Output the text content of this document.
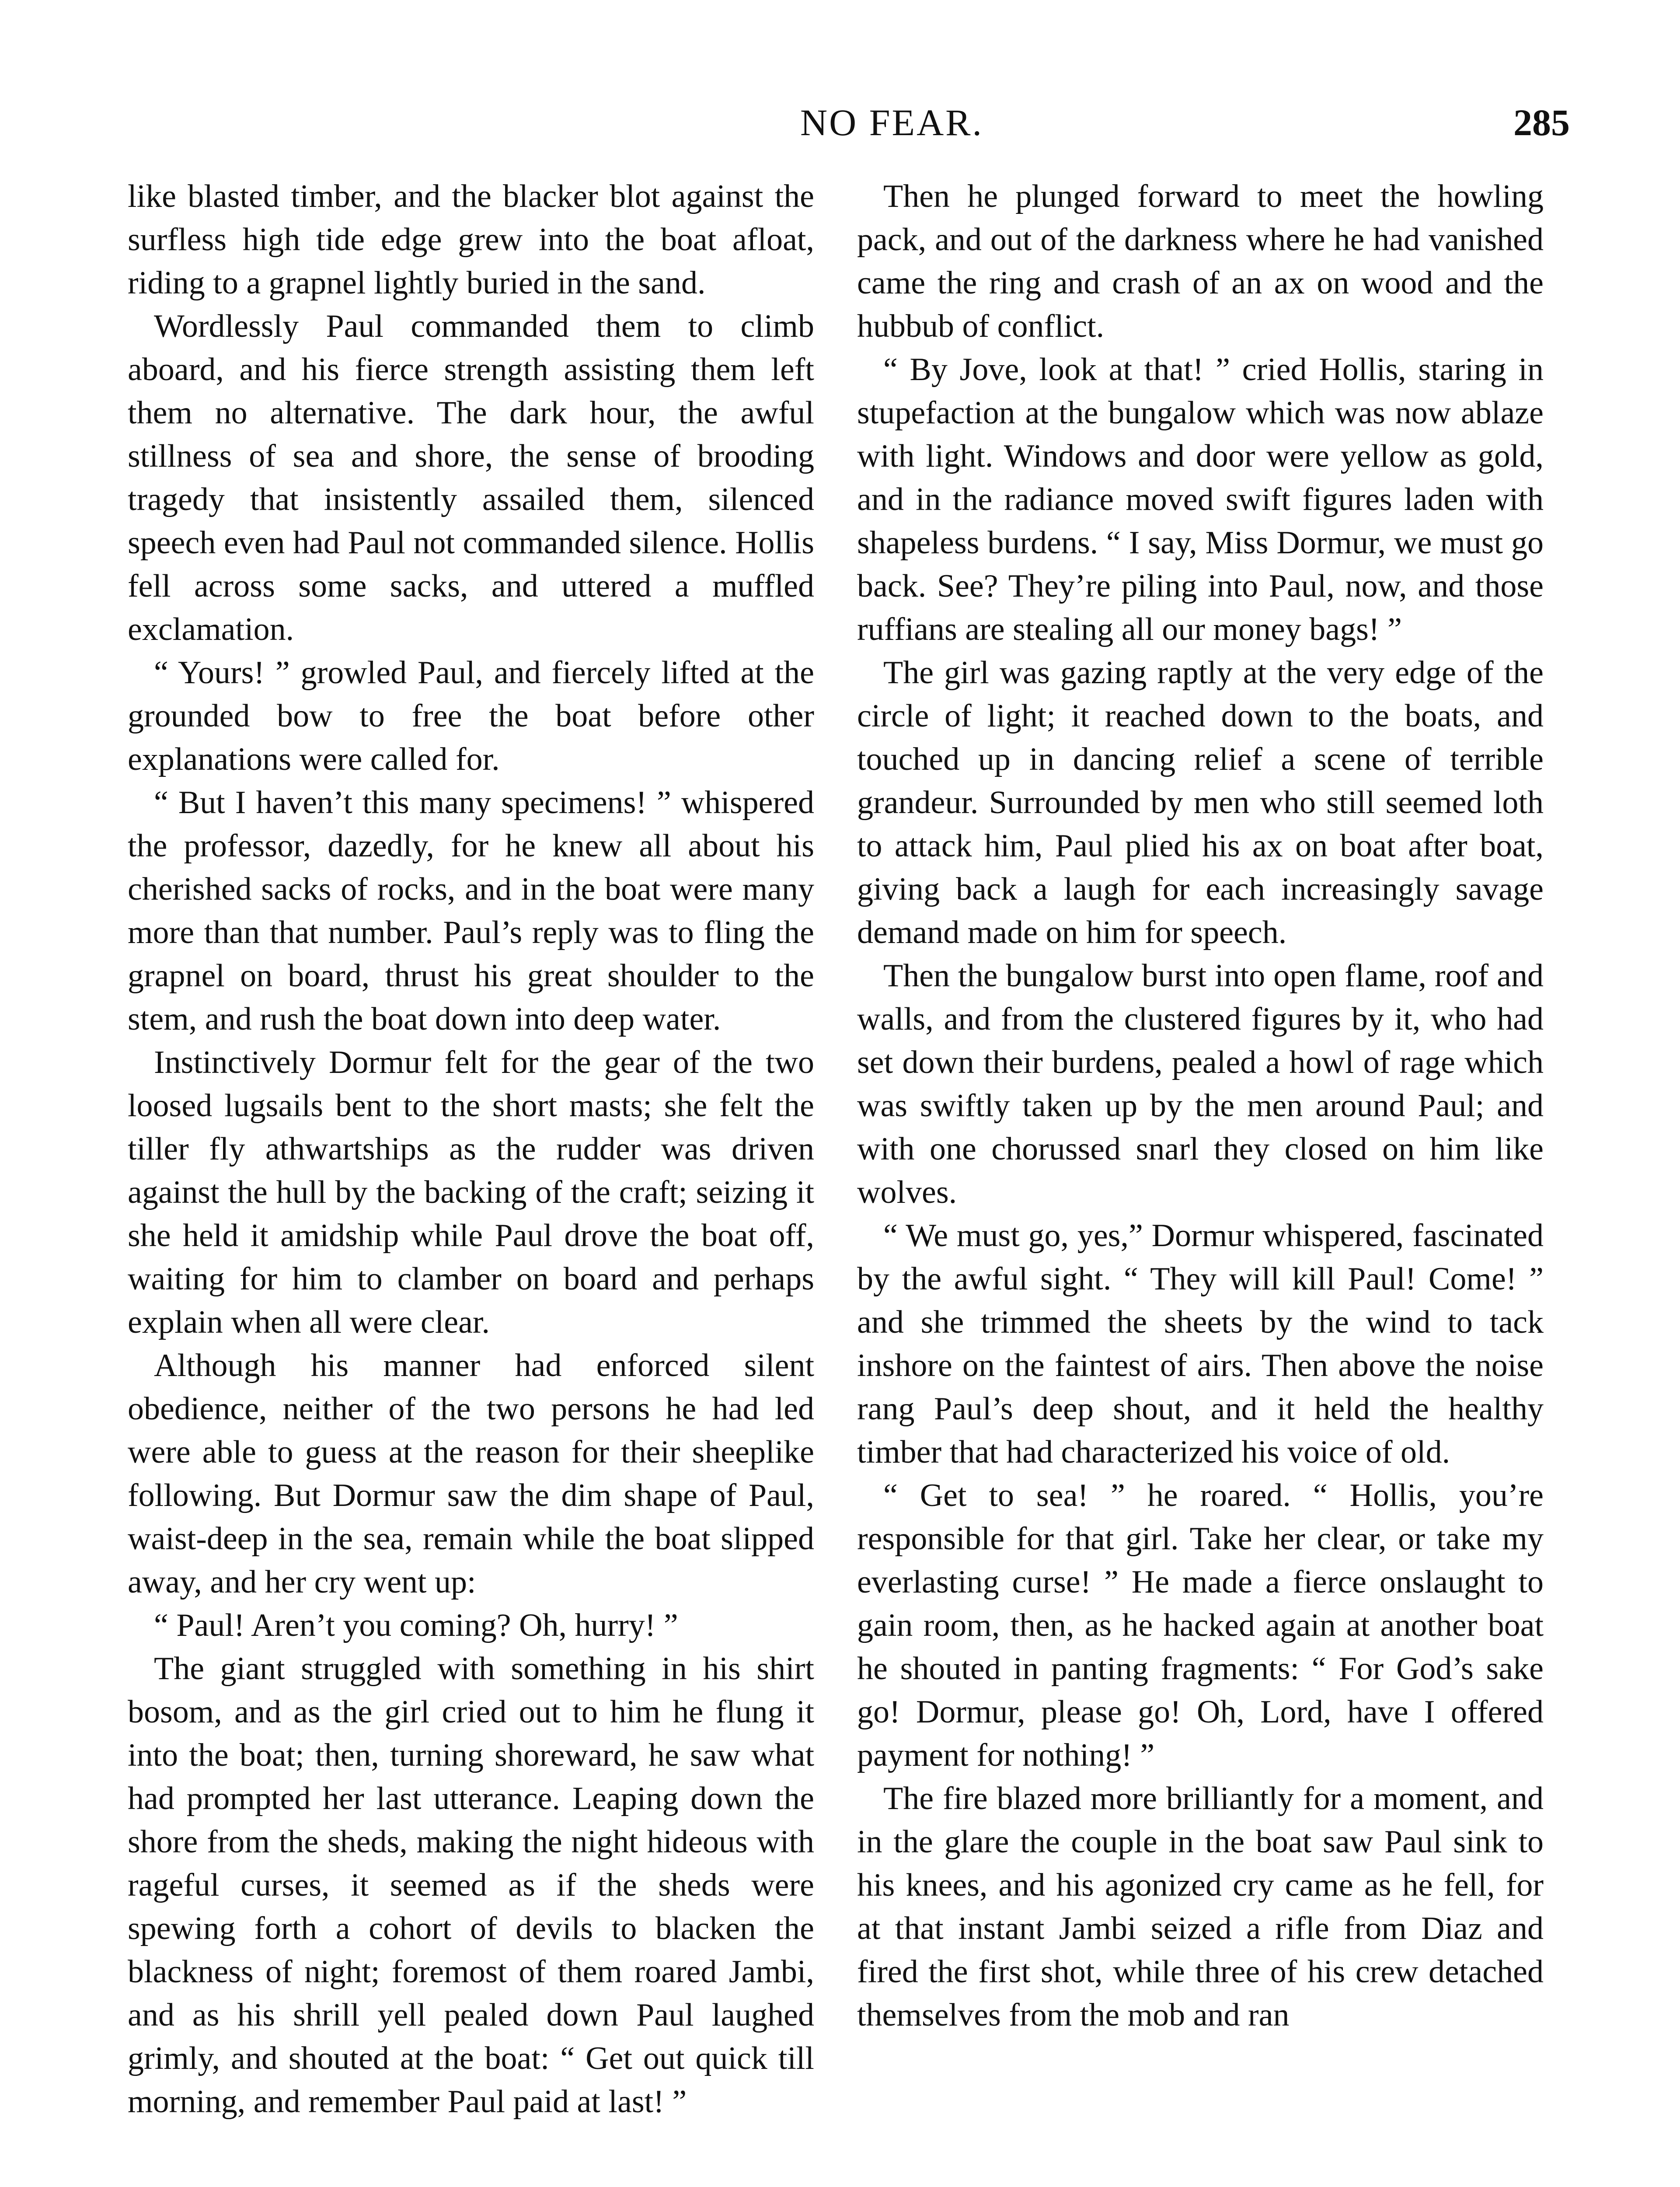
NO FEAR.	285

like blasted timber, and the blacker blot against the surfless high tide edge grew into the boat afloat, riding to a grapnel lightly buried in the sand.

Wordlessly Paul commanded them to climb aboard, and his fierce strength assisting them left them no alternative. The dark hour, the awful stillness of sea and shore, the sense of brooding tragedy that insistently assailed them, silenced speech even had Paul not commanded silence. Hollis fell across some sacks, and uttered a muffled exclamation.

“ Yours! ” growled Paul, and fiercely lifted at the grounded bow to free the boat before other explanations were called for.

“ But I haven’t this many specimens! ” whispered the professor, dazedly, for he knew all about his cherished sacks of rocks, and in the boat were many more than that number. Paul’s reply was to fling the grapnel on board, thrust his great shoulder to the stem, and rush the boat down into deep water.

Instinctively Dormur felt for the gear of the two loosed lugsails bent to the short masts; she felt the tiller fly athwartships as the rudder was driven against the hull by the backing of the craft; seizing it she held it amidship while Paul drove the boat off, waiting for him to clamber on board and perhaps explain when all were clear.

Although his manner had enforced silent obedience, neither of the two persons he had led were able to guess at the reason for their sheeplike following. But Dormur saw the dim shape of Paul, waist-deep in the sea, remain while the boat slipped away, and her cry went up:

“ Paul! Aren’t you coming? Oh, hurry! ”

The giant struggled with something in his shirt bosom, and as the girl cried out to him he flung it into the boat; then, turning shoreward, he saw what had prompted her last utterance. Leaping down the shore from the sheds, making the night hideous with rageful curses, it seemed as if the sheds were spewing forth a cohort of devils to blacken the blackness of night; foremost of them roared Jambi, and as his shrill yell pealed down Paul laughed grimly, and shouted at the boat: “ Get out quick till morning, and remember Paul paid at last! ”

Then he plunged forward to meet the howling pack, and out of the darkness where he had vanished came the ring and crash of an ax on wood and the hubbub of conflict.

“ By Jove, look at that! ” cried Hollis, staring in stupefaction at the bungalow which was now ablaze with light. Windows and door were yellow as gold, and in the radiance moved swift figures laden with shapeless burdens. “ I say, Miss Dormur, we must go back. See? They’re piling into Paul, now, and those ruffians are stealing all our money bags! ”

The girl was gazing raptly at the very edge of the circle of light; it reached down to the boats, and touched up in dancing relief a scene of terrible grandeur. Surrounded by men who still seemed loth to attack him, Paul plied his ax on boat after boat, giving back a laugh for each increasingly savage demand made on him for speech.

Then the bungalow burst into open flame, roof and walls, and from the clustered figures by it, who had set down their burdens, pealed a howl of rage which was swiftly taken up by the men around Paul; and with one chorussed snarl they closed on him like wolves.

“ We must go, yes,” Dormur whispered, fascinated by the awful sight. “ They will kill Paul! Come! ” and she trimmed the sheets by the wind to tack inshore on the faintest of airs. Then above the noise rang Paul’s deep shout, and it held the healthy timber that had characterized his voice of old.

“ Get to sea! ” he roared. “ Hollis, you’re responsible for that girl. Take her clear, or take my everlasting curse! ” He made a fierce onslaught to gain room, then, as he hacked again at another boat he shouted in panting fragments: “ For God’s sake go! Dormur, please go! Oh, Lord, have I offered payment for nothing! ”

The fire blazed more brilliantly for a moment, and in the glare the couple in the boat saw Paul sink to his knees, and his agonized cry came as he fell, for at that instant Jambi seized a rifle from Diaz and fired the first shot, while three of his crew detached themselves from the mob and ran
